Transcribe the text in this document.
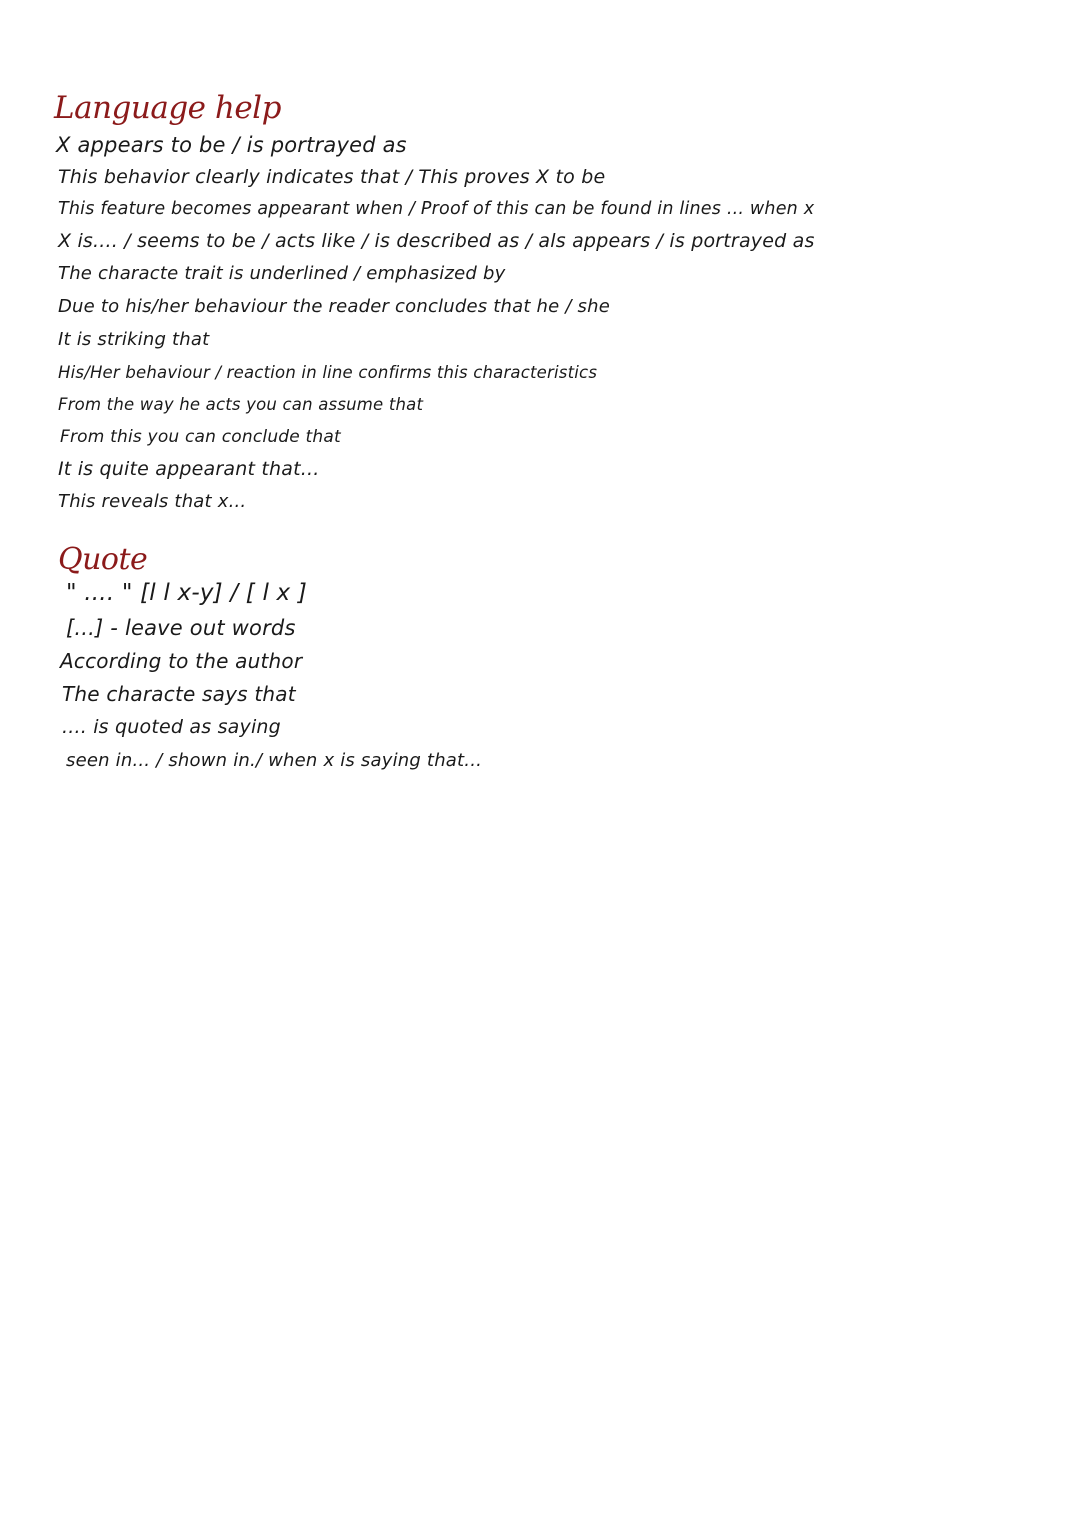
Language help

X appears to be / is portrayed as

This behavior clearly indicates that / This proves X to be

This feature becomes appearant when / Proof of this can be found in lines ... when x

X is.... / seems to be / acts like / is described as / als appears / is portrayed as

The characte trait is underlined / emphasized by

Due to his/her behaviour the reader concludes that he / she

It is striking that

His/Her behaviour / reaction in line confirms this characteristics

From the way he acts you can assume that

From this you can conclude that

It is quite appearant that...

This reveals that x...

Quote

" .... " [l l x-y] / [ l x ]

[...] - leave out words

According to the author

The characte says that

.... is quoted as saying

seen in... / shown in./ when x is saying that...
